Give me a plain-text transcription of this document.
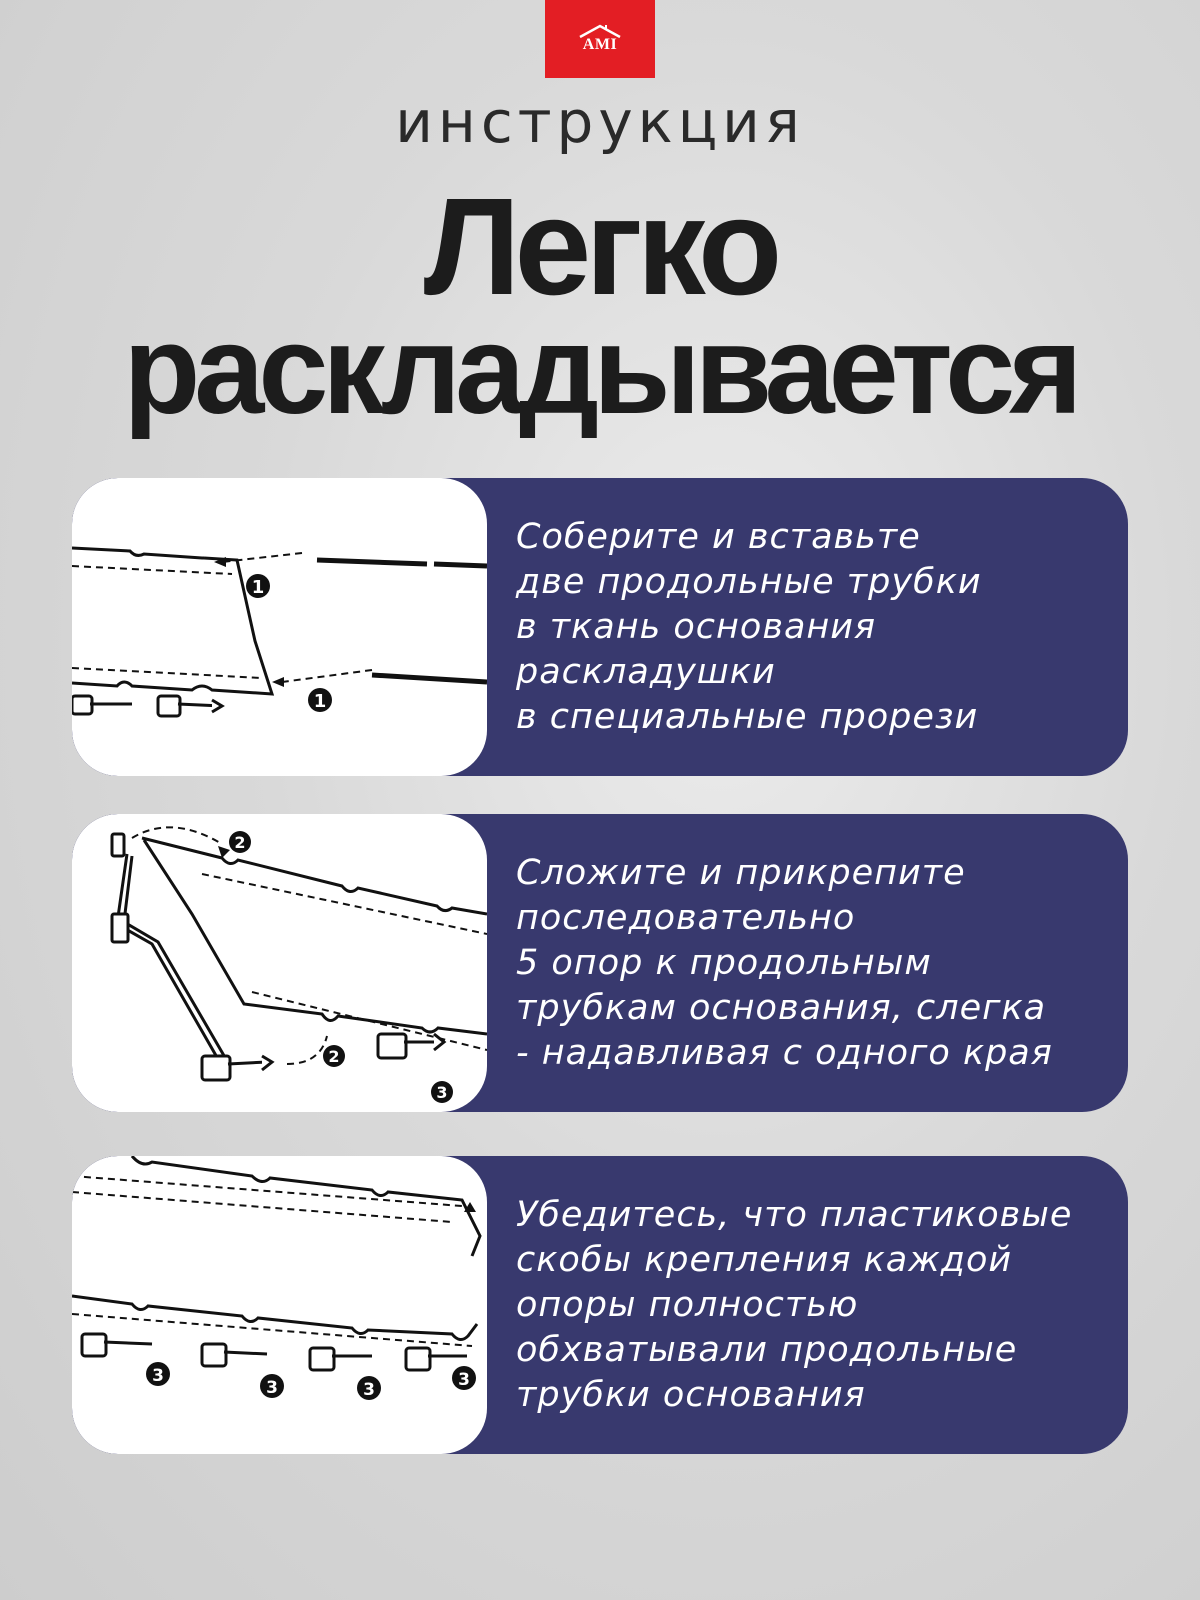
AMI
инструкция
Легко
раскладывается
1
1

Соберите и вставьте
две продольные трубки
в ткань основания
раскладушки
в специальные прорези

2
2
3

Сложите и прикрепите
последовательно
5 опор к продольным
трубкам основания, слегка
- надавливая с одного края

3
3	3	3

Убедитесь, что пластиковые
скобы крепления каждой
опоры полностью
обхватывали продольные
трубки основания
